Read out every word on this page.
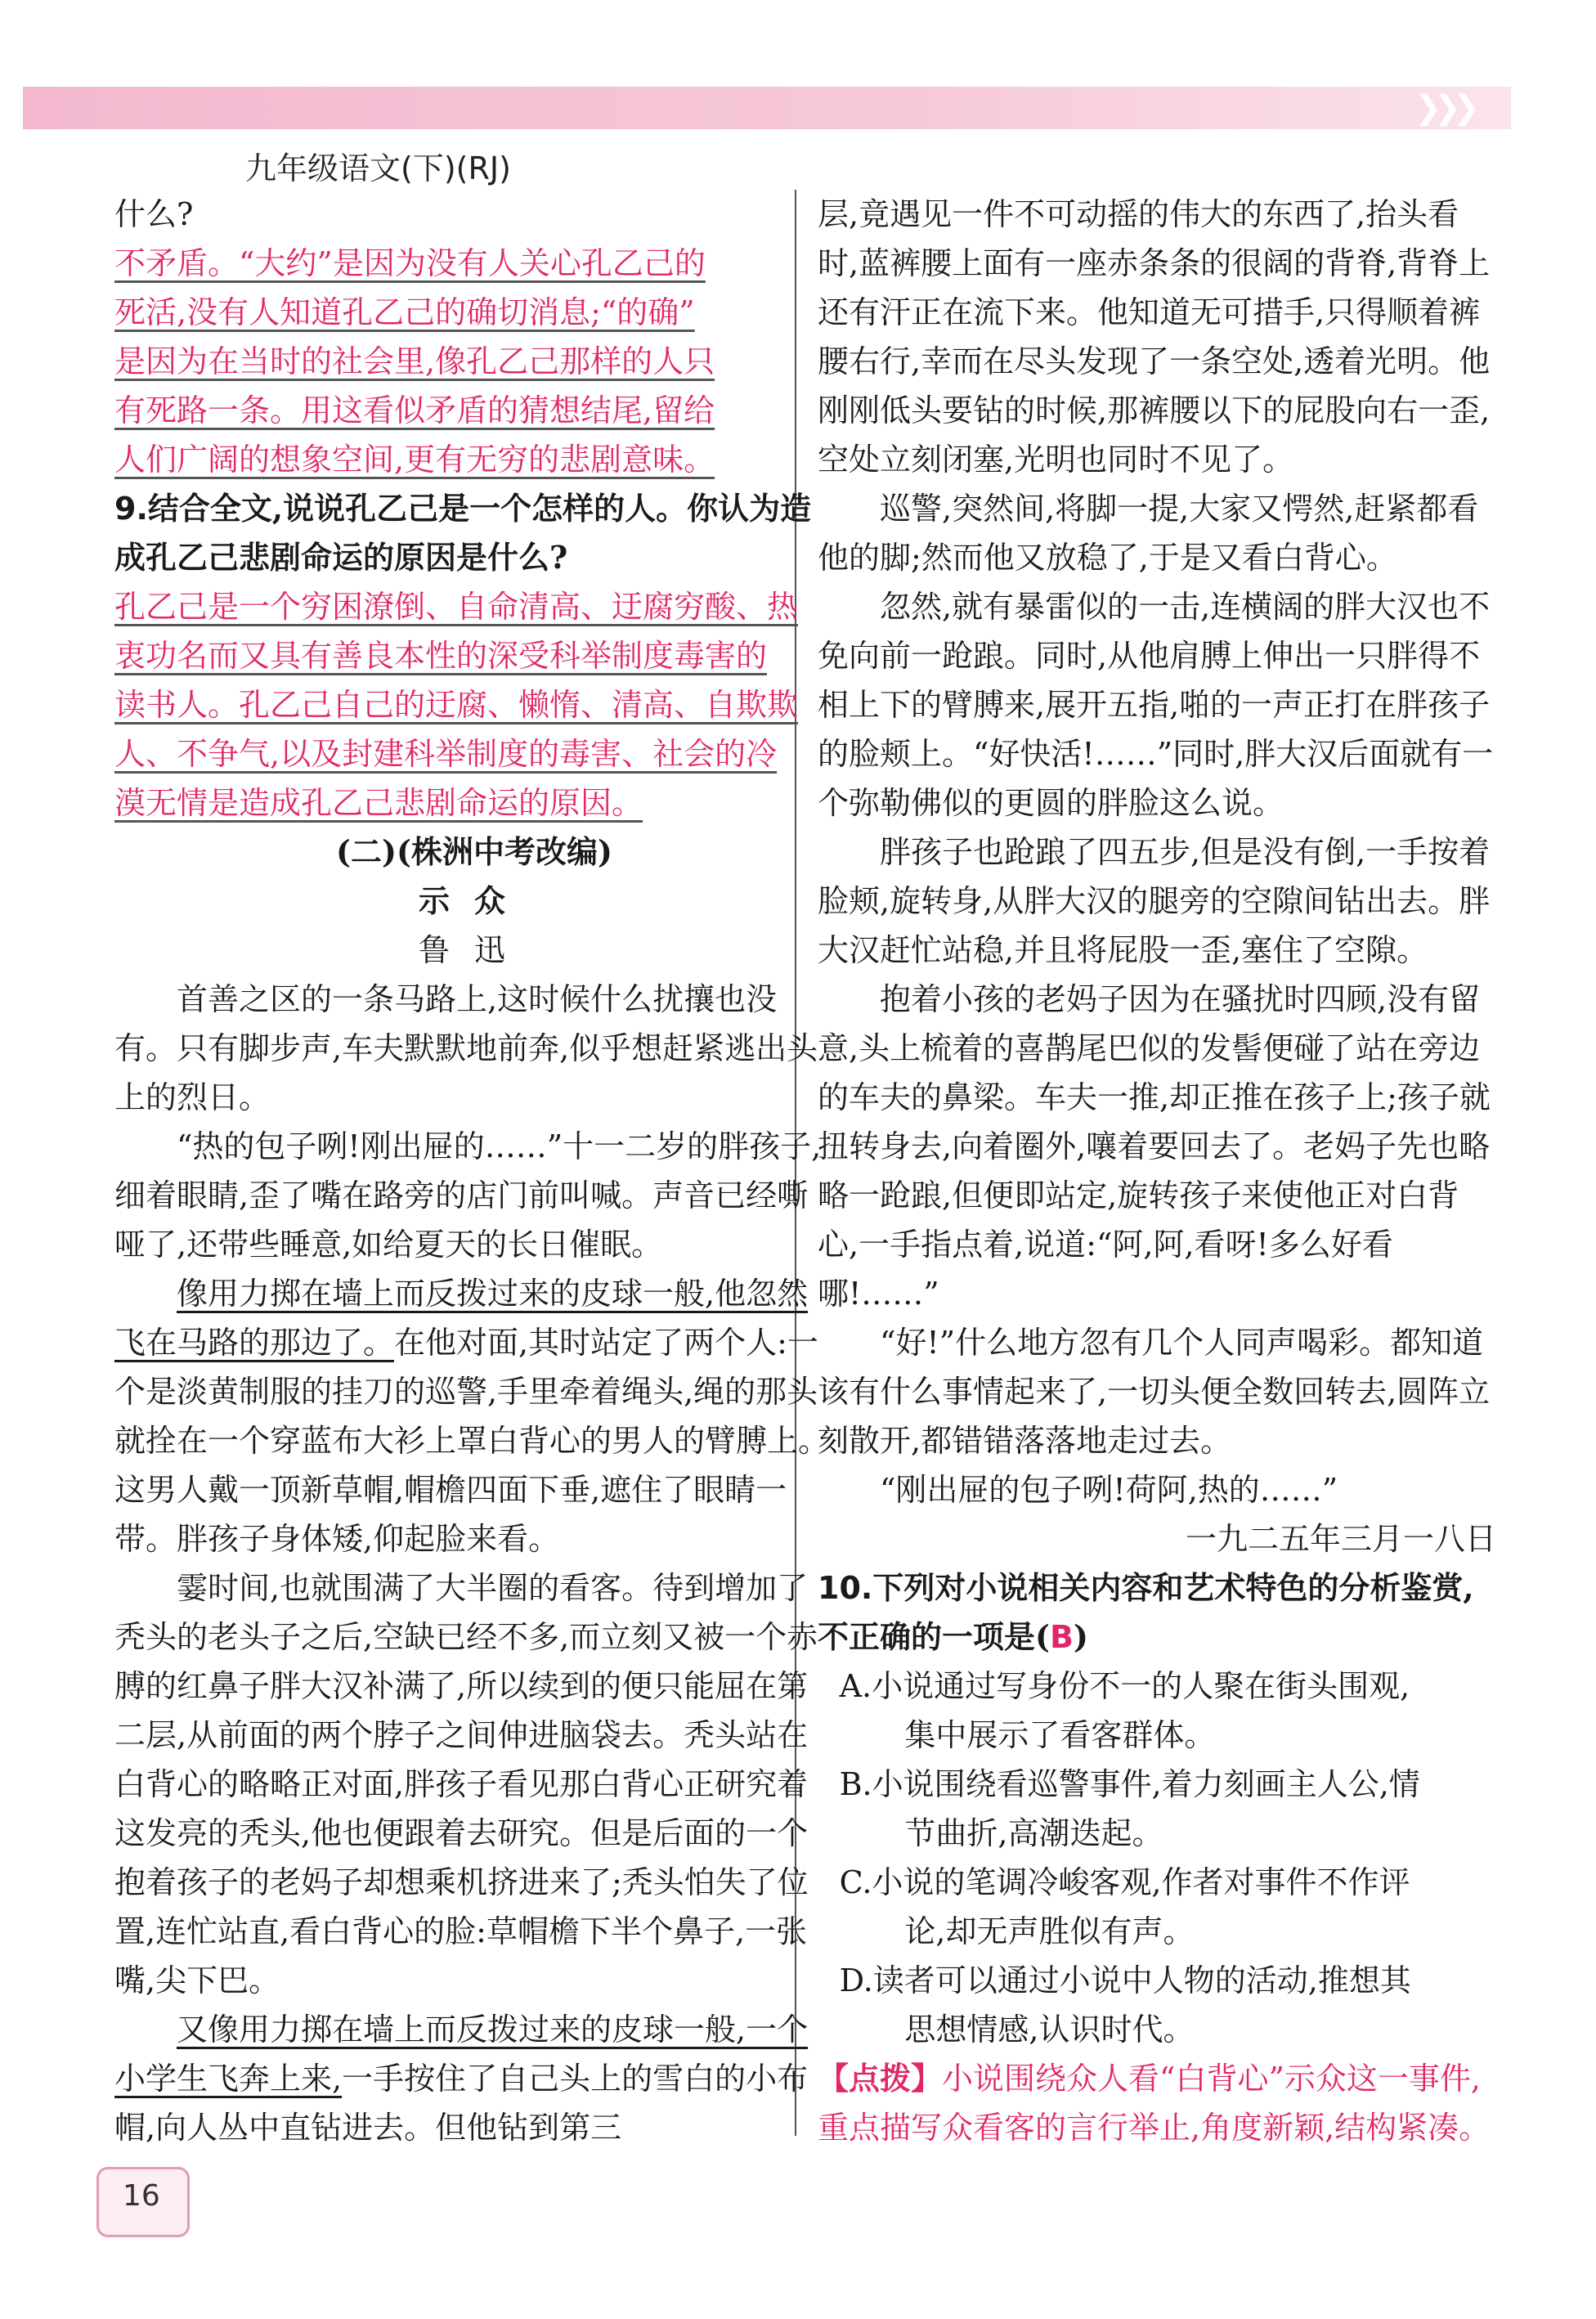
❯❯❯
九年级语文(下)(RJ)

什么?

不矛盾。“大约”是因为没有人关心孔乙己的

死活,没有人知道孔乙己的确切消息;“的确”

是因为在当时的社会里,像孔乙己那样的人只

有死路一条。用这看似矛盾的猜想结尾,留给

人们广阔的想象空间,更有无穷的悲剧意味。

9.结合全文,说说孔乙己是一个怎样的人。你认为造成孔乙己悲剧命运的原因是什么?

孔乙己是一个穷困潦倒、自命清高、迂腐穷酸、热

衷功名而又具有善良本性的深受科举制度毒害的

读书人。孔乙己自己的迂腐、懒惰、清高、自欺欺

人、不争气,以及封建科举制度的毒害、社会的冷

漠无情是造成孔乙己悲剧命运的原因。

(二)(株洲中考改编)

示众

鲁迅

首善之区的一条马路上,这时候什么扰攘也没有。只有脚步声,车夫默默地前奔,似乎想赶紧逃出头上的烈日。

“热的包子咧!刚出屉的……”十一二岁的胖孩子,细着眼睛,歪了嘴在路旁的店门前叫喊。声音已经嘶哑了,还带些睡意,如给夏天的长日催眠。

像用力掷在墙上而反拨过来的皮球一般,他忽然飞在马路的那边了。在他对面,其时站定了两个人:一个是淡黄制服的挂刀的巡警,手里牵着绳头,绳的那头就拴在一个穿蓝布大衫上罩白背心的男人的臂膊上。这男人戴一顶新草帽,帽檐四面下垂,遮住了眼睛一带。胖孩子身体矮,仰起脸来看。

霎时间,也就围满了大半圈的看客。待到增加了秃头的老头子之后,空缺已经不多,而立刻又被一个赤膊的红鼻子胖大汉补满了,所以续到的便只能屈在第二层,从前面的两个脖子之间伸进脑袋去。秃头站在白背心的略略正对面,胖孩子看见那白背心正研究着这发亮的秃头,他也便跟着去研究。但是后面的一个抱着孩子的老妈子却想乘机挤进来了;秃头怕失了位置,连忙站直,看白背心的脸:草帽檐下半个鼻子,一张嘴,尖下巴。

又像用力掷在墙上而反拨过来的皮球一般,一个小学生飞奔上来,一手按住了自己头上的雪白的小布帽,向人丛中直钻进去。但他钻到第三

层,竟遇见一件不可动摇的伟大的东西了,抬头看时,蓝裤腰上面有一座赤条条的很阔的背脊,背脊上还有汗正在流下来。他知道无可措手,只得顺着裤腰右行,幸而在尽头发现了一条空处,透着光明。他刚刚低头要钻的时候,那裤腰以下的屁股向右一歪,空处立刻闭塞,光明也同时不见了。

巡警,突然间,将脚一提,大家又愕然,赶紧都看他的脚;然而他又放稳了,于是又看白背心。

忽然,就有暴雷似的一击,连横阔的胖大汉也不免向前一跄踉。同时,从他肩膊上伸出一只胖得不相上下的臂膊来,展开五指,啪的一声正打在胖孩子的脸颊上。“好快活!……”同时,胖大汉后面就有一个弥勒佛似的更圆的胖脸这么说。

胖孩子也跄踉了四五步,但是没有倒,一手按着脸颊,旋转身,从胖大汉的腿旁的空隙间钻出去。胖大汉赶忙站稳,并且将屁股一歪,塞住了空隙。

抱着小孩的老妈子因为在骚扰时四顾,没有留意,头上梳着的喜鹊尾巴似的发髻便碰了站在旁边的车夫的鼻梁。车夫一推,却正推在孩子上;孩子就扭转身去,向着圈外,嚷着要回去了。老妈子先也略略一跄踉,但便即站定,旋转孩子来使他正对白背心,一手指点着,说道:“阿,阿,看呀!多么好看哪!……”

“好!”什么地方忽有几个人同声喝彩。都知道该有什么事情起来了,一切头便全数回转去,圆阵立刻散开,都错错落落地走过去。

“刚出屉的包子咧!荷阿,热的……”

一九二五年三月一八日

10.下列对小说相关内容和艺术特色的分析鉴赏,不正确的一项是(B)

A.小说通过写身份不一的人聚在街头围观,

集中展示了看客群体。

B.小说围绕看巡警事件,着力刻画主人公,情

节曲折,高潮迭起。

C.小说的笔调冷峻客观,作者对事件不作评

论,却无声胜似有声。

D.读者可以通过小说中人物的活动,推想其

思想情感,认识时代。

【点拨】小说围绕众人看“白背心”示众这一事件,重点描写众看客的言行举止,角度新颖,结构紧凑。

16
